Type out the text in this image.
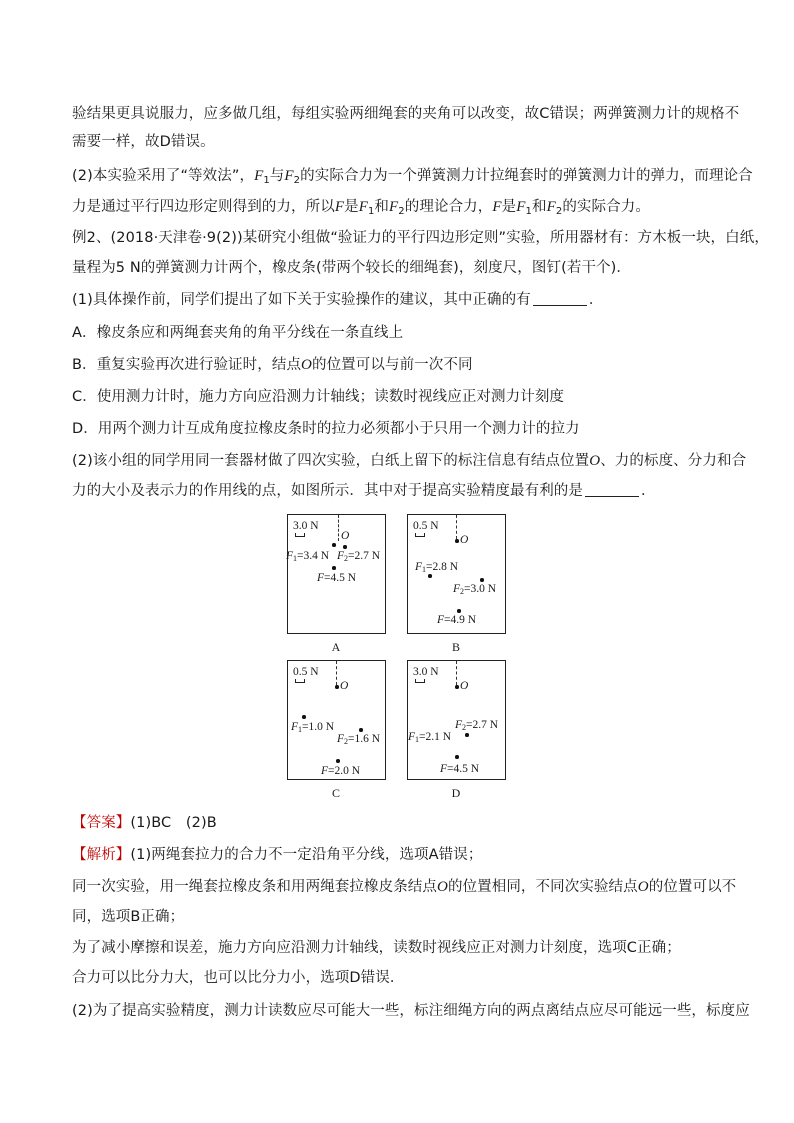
验结果更具说服力，应多做几组，每组实验两细绳套的夹角可以改变，故C错误；两弹簧测力计的规格不
需要一样，故D错误。
(2)本实验采用了“等效法”，$F_1$与$F_2$的实际合力为一个弹簧测力计拉绳套时的弹簧测力计的弹力，而理论合
力是通过平行四边形定则得到的力，所以F是$F_1$和$F_2$的理论合力，F是$F_1$和$F_2$的实际合力。
例2、(2018·天津卷·9(2))某研究小组做“验证力的平行四边形定则”实验，所用器材有：方木板一块，白纸，
量程为5 N的弹簧测力计两个，橡皮条(带两个较长的细绳套)，刻度尺，图钉(若干个)．
(1)具体操作前，同学们提出了如下关于实验操作的建议，其中正确的有	．
A．橡皮条应和两绳套夹角的角平分线在一条直线上
B．重复实验再次进行验证时，结点O的位置可以与前一次不同
C．使用测力计时，施力方向应沿测力计轴线；读数时视线应正对测力计刻度
D．用两个测力计互成角度拉橡皮条时的拉力必须都小于只用一个测力计的拉力
(2)该小组的同学用同一套器材做了四次实验，白纸上留下的标注信息有结点位置O、力的标度、分力和合
力的大小及表示力的作用线的点，如图所示．其中对于提高实验精度最有利的是	．
3.0 N
O
F1=3.4 N F2=2.7 N
F=4.5 N
A
0.5 N
O
F1=2.8 N
F2=3.0 N
F=4.9 N
B
0.5 N
O
F1=1.0 N
F2=1.6 N
F=2.0 N
C
3.0 N
O
F2=2.7 N
F1=2.1 N
F=4.5 N
D
【答案】(1)BC　(2)B
【解析】(1)两绳套拉力的合力不一定沿角平分线，选项A错误；
同一次实验，用一绳套拉橡皮条和用两绳套拉橡皮条结点O的位置相同，不同次实验结点O的位置可以不
同，选项B正确；
为了减小摩擦和误差，施力方向应沿测力计轴线，读数时视线应正对测力计刻度，选项C正确；
合力可以比分力大，也可以比分力小，选项D错误．
(2)为了提高实验精度，测力计读数应尽可能大一些，标注细绳方向的两点离结点应尽可能远一些，标度应
